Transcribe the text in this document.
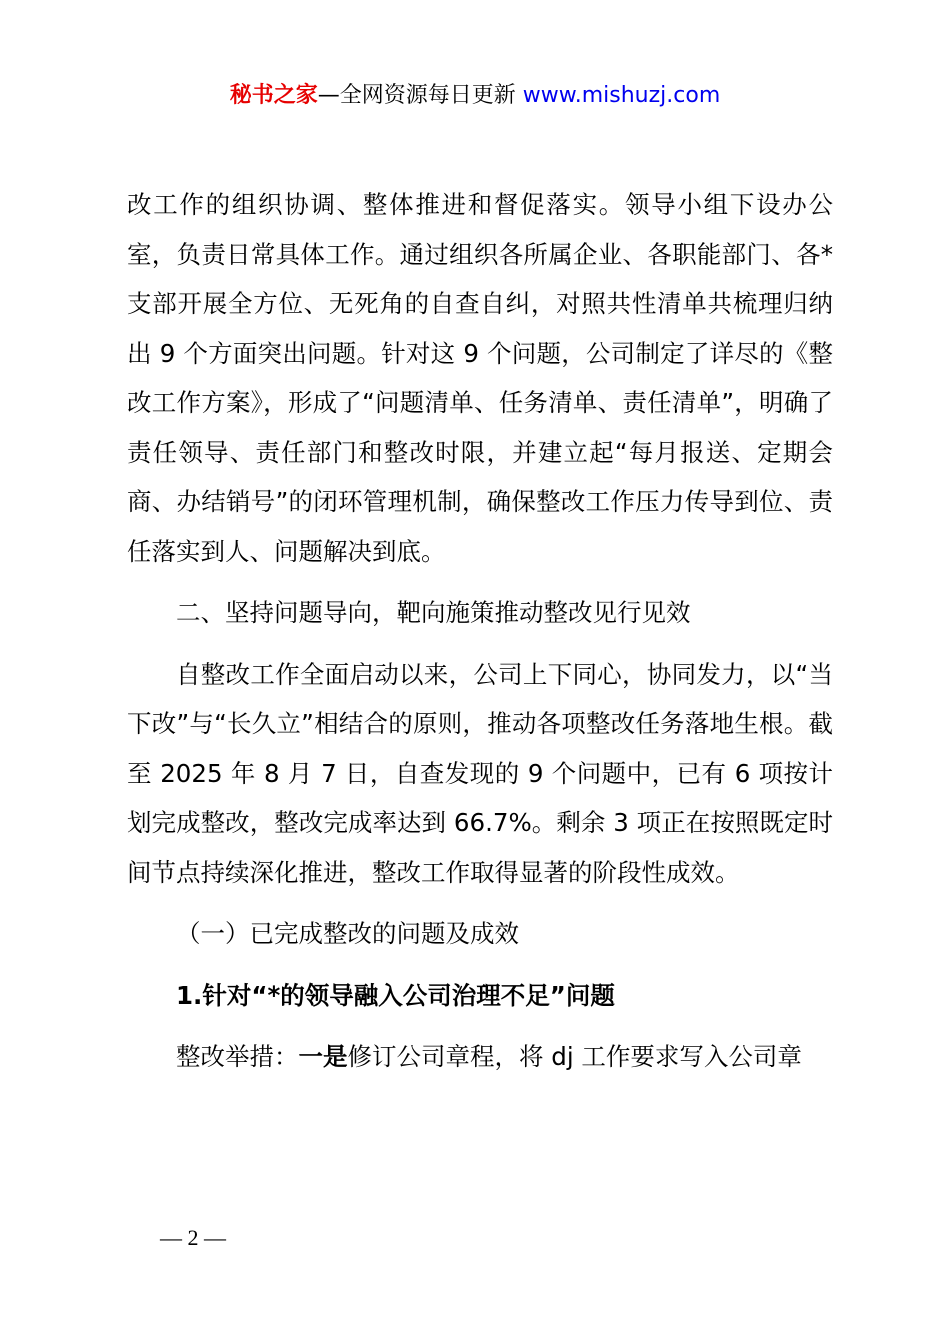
秘书之家—全网资源每日更新 www.mishuzj.com

改工作的组织协调、整体推进和督促落实。领导小组下设办公室，负责日常具体工作。通过组织各所属企业、各职能部门、各*支部开展全方位、无死角的自查自纠，对照共性清单共梳理归纳出 9 个方面突出问题。针对这 9 个问题，公司制定了详尽的《整改工作方案》，形成了“问题清单、任务清单、责任清单”，明确了责任领导、责任部门和整改时限，并建立起“每月报送、定期会商、办结销号”的闭环管理机制，确保整改工作压力传导到位、责任落实到人、问题解决到底。

二、坚持问题导向，靶向施策推动整改见行见效

自整改工作全面启动以来，公司上下同心，协同发力，以“当下改”与“长久立”相结合的原则，推动各项整改任务落地生根。截至 2025 年 8 月 7 日，自查发现的 9 个问题中，已有 6 项按计划完成整改，整改完成率达到 66.7%。剩余 3 项正在按照既定时间节点持续深化推进，整改工作取得显著的阶段性成效。

（一）已完成整改的问题及成效

1.针对“*的领导融入公司治理不足”问题

整改举措：一是修订公司章程，将 dj 工作要求写入公司章

— 2 —
